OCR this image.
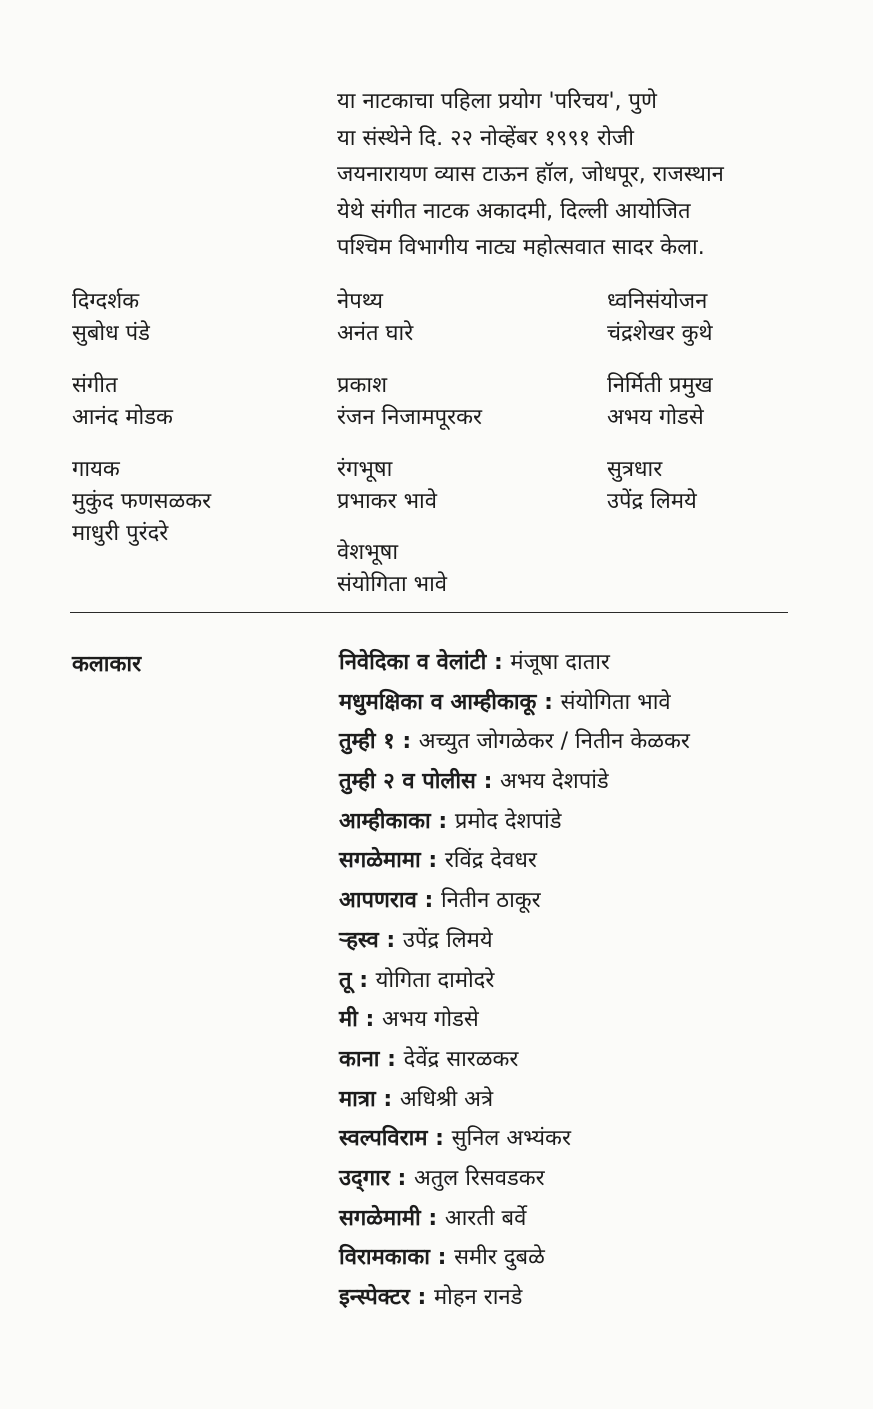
या नाटकाचा पहिला प्रयोग 'परिचय', पुणे
या संस्थेने दि. २२ नोव्हेंबर १९९१ रोजी
जयनारायण व्यास टाऊन हॉल, जोधपूर, राजस्थान
येथे संगीत नाटक अकादमी, दिल्ली आयोजित
पश्चिम विभागीय नाट्य महोत्सवात सादर केला.
दिग्दर्शक
सुबोध पंडे
संगीत
आनंद मोडक
गायक
मुकुंद फणसळकर
माधुरी पुरंदरे
नेपथ्य
अनंत घारे
प्रकाश
रंजन निजामपूरकर
रंगभूषा
प्रभाकर भावे
वेशभूषा
संयोगिता भावे
ध्वनिसंयोजन
चंद्रशेखर कुथे
निर्मिती प्रमुख
अभय गोडसे
सुत्रधार
उपेंद्र लिमये
कलाकार	निवेदिका व वेलांटी : मंजूषा दातार
मधुमक्षिका व आम्हीकाकू : संयोगिता भावे
तुम्ही १ : अच्युत जोगळेकर / नितीन केळकर
तुम्ही २ व पोलीस : अभय देशपांडे
आम्हीकाका : प्रमोद देशपांडे
सगळेमामा : रविंद्र देवधर
आपणराव : नितीन ठाकूर
ऱ्हस्व : उपेंद्र लिमये
तू : योगिता दामोदरे
मी : अभय गोडसे
काना : देवेंद्र सारळकर
मात्रा : अधिश्री अत्रे
स्वल्पविराम : सुनिल अभ्यंकर
उद्‌गार : अतुल रिसवडकर
सगळेमामी : आरती बर्वे
विरामकाका : समीर दुबळे
इन्स्पेक्टर : मोहन रानडे
